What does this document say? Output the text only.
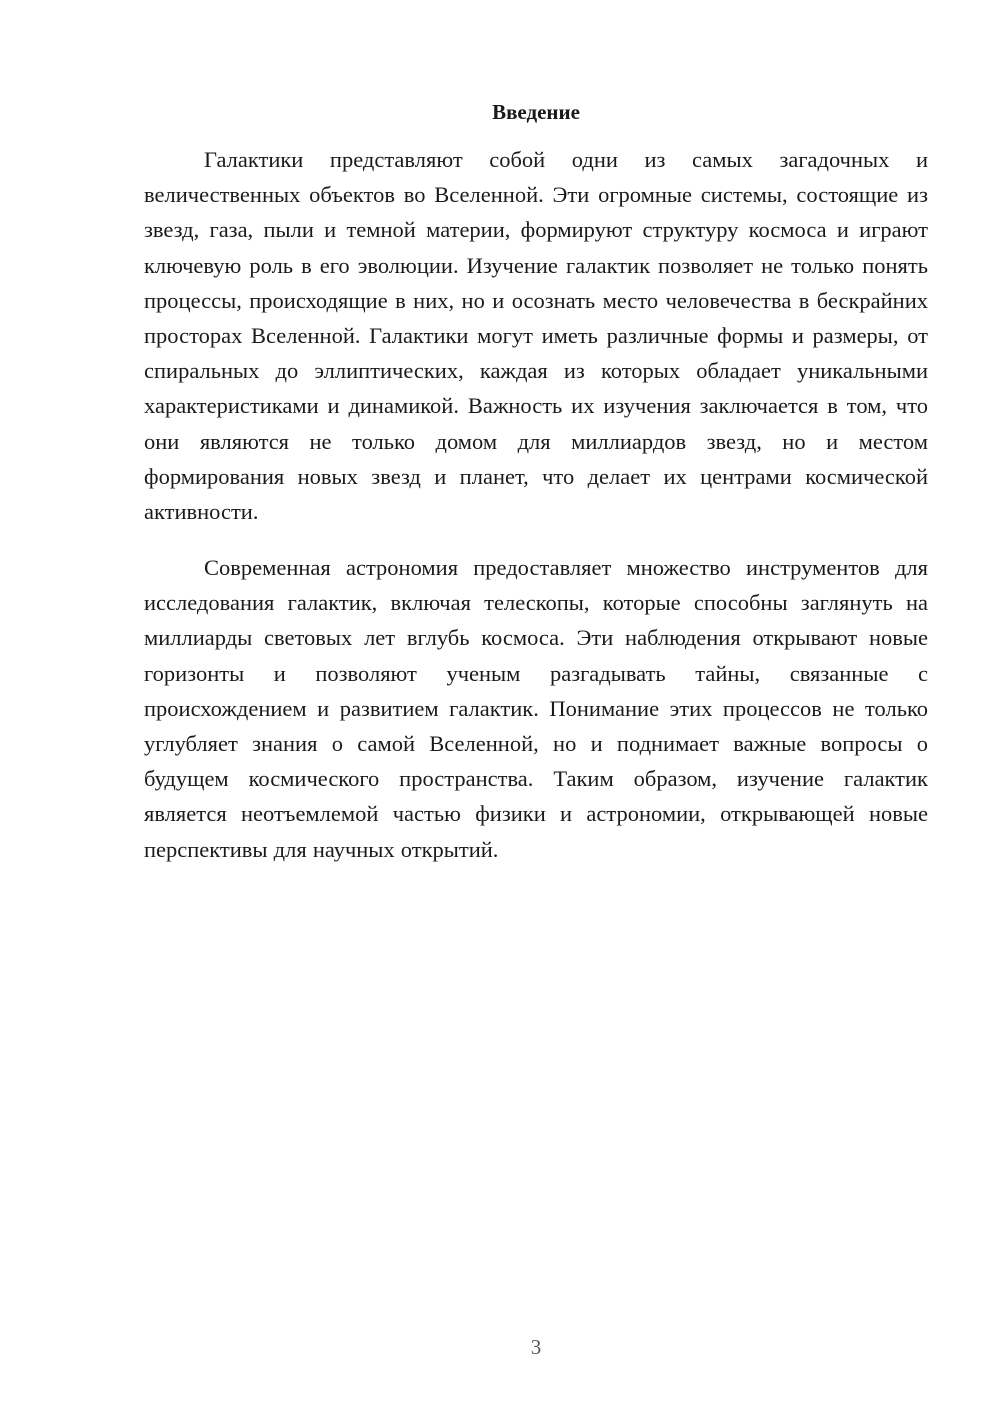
Введение

Галактики представляют собой одни из самых загадочных и величественных объектов во Вселенной. Эти огромные системы, состоящие из звезд, газа, пыли и темной материи, формируют структуру космоса и играют ключевую роль в его эволюции. Изучение галактик позволяет не только понять процессы, происходящие в них, но и осознать место человечества в бескрайних просторах Вселенной. Галактики могут иметь различные формы и размеры, от спиральных до эллиптических, каждая из которых обладает уникальными характеристиками и динамикой. Важность их изучения заключается в том, что они являются не только домом для миллиардов звезд, но и местом формирования новых звезд и планет, что делает их центрами космической активности.

Современная астрономия предоставляет множество инструментов для исследования галактик, включая телескопы, которые способны заглянуть на миллиарды световых лет вглубь космоса. Эти наблюдения открывают новые горизонты и позволяют ученым разгадывать тайны, связанные с происхождением и развитием галактик. Понимание этих процессов не только углубляет знания о самой Вселенной, но и поднимает важные вопросы о будущем космического пространства. Таким образом, изучение галактик является неотъемлемой частью физики и астрономии, открывающей новые перспективы для научных открытий.

3
